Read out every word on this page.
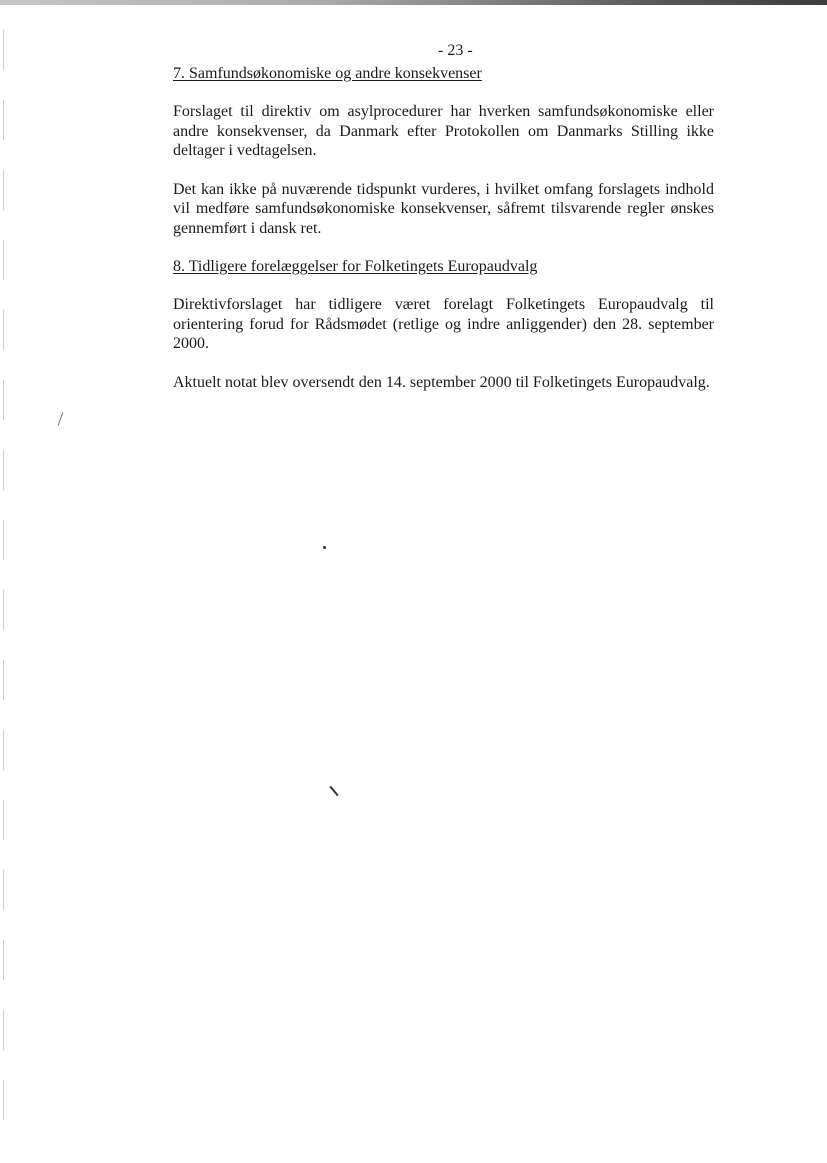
- 23 -

7. Samfundsøkonomiske og andre konsekvenser

Forslaget til direktiv om asylprocedurer har hverken samfundsøkonomiske eller andre konsekvenser, da Danmark efter Protokollen om Danmarks Stilling ikke deltager i vedtagelsen.

Det kan ikke på nuværende tidspunkt vurderes, i hvilket omfang forslagets indhold vil medføre samfundsøkonomiske konsekvenser, såfremt tilsvarende regler ønskes gennemført i dansk ret.

8. Tidligere forelæggelser for Folketingets Europaudvalg

Direktivforslaget har tidligere været forelagt Folketingets Europaudvalg til orientering forud for Rådsmødet (retlige og indre anliggender) den 28. september 2000.

Aktuelt notat blev oversendt den 14. september 2000 til Folketingets Europaudvalg.
